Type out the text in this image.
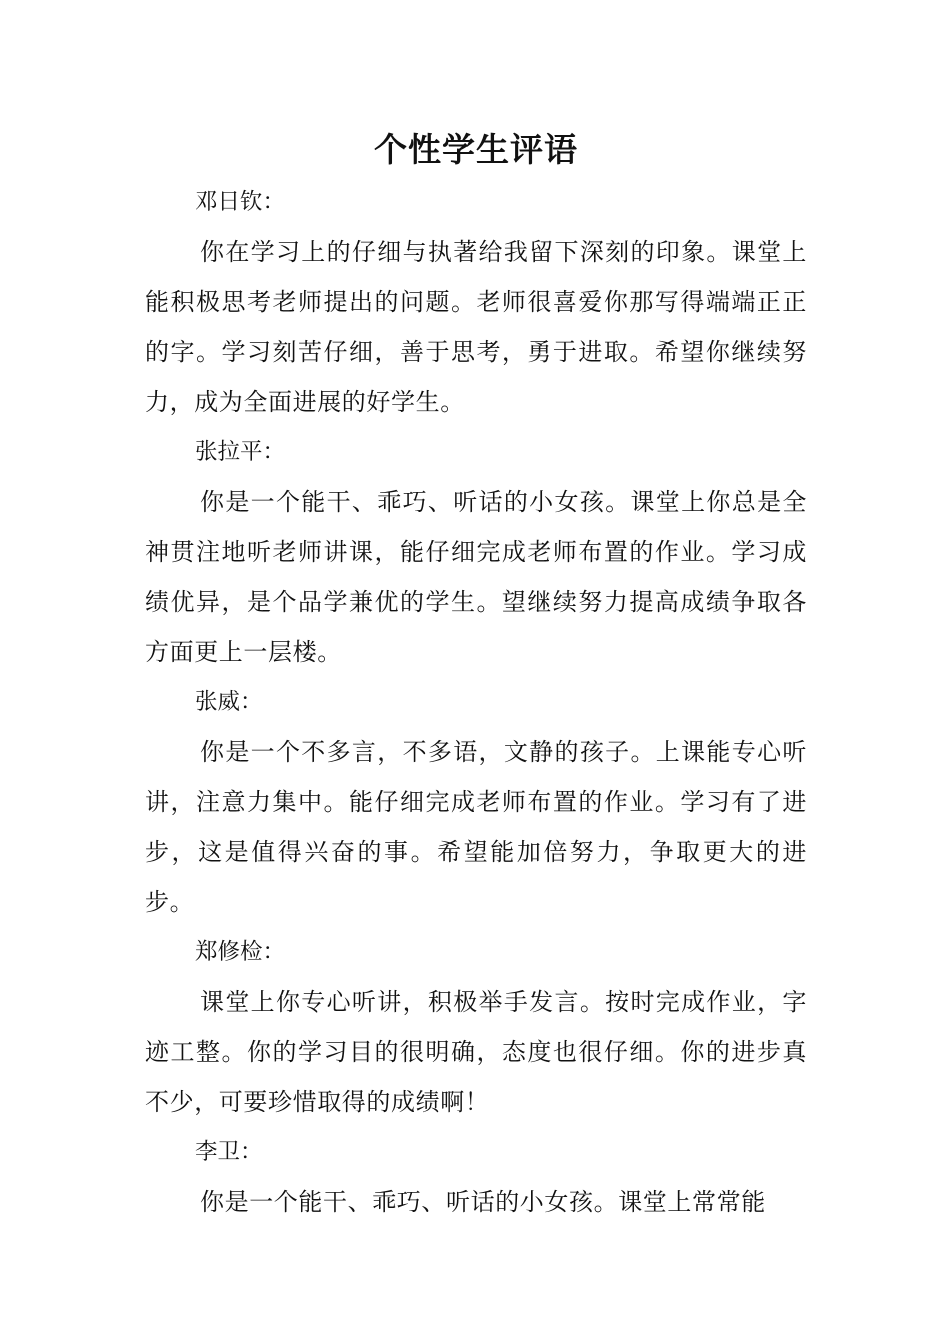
个性学生评语

邓日钦：

你在学习上的仔细与执著给我留下深刻的印象。课堂上能积极思考老师提出的问题。老师很喜爱你那写得端端正正的字。学习刻苦仔细，善于思考，勇于进取。希望你继续努力，成为全面进展的好学生。

张拉平：

你是一个能干、乖巧、听话的小女孩。课堂上你总是全神贯注地听老师讲课，能仔细完成老师布置的作业。学习成绩优异，是个品学兼优的学生。望继续努力提高成绩争取各方面更上一层楼。

张威：

你是一个不多言，不多语，文静的孩子。上课能专心听讲，注意力集中。能仔细完成老师布置的作业。学习有了进步，这是值得兴奋的事。希望能加倍努力，争取更大的进步。

郑修检：

课堂上你专心听讲，积极举手发言。按时完成作业，字迹工整。你的学习目的很明确，态度也很仔细。你的进步真不少，可要珍惜取得的成绩啊！

李卫：

你是一个能干、乖巧、听话的小女孩。课堂上常常能
